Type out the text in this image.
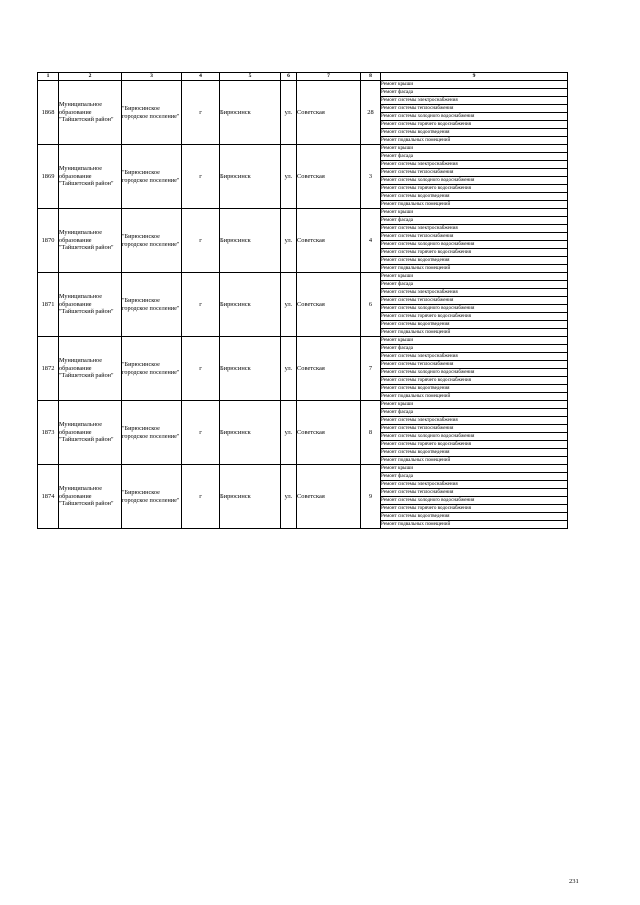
1	2	3	4	5	6	7	8	9
1868	Муниципальное образование "Тайшетский район"	"Бирюсинское городское поселение"	г	Бирюсинск	ул.	Советская	28	Ремонт крыши
								Ремонт фасада
								Ремонт системы электроснабжения
								Ремонт системы теплоснабжения
								Ремонт системы холодного водоснабжения
								Ремонт системы горячего водоснабжения
								Ремонт системы водоотведения
								Ремонт подвальных помещений
1869	Муниципальное образование "Тайшетский район"	"Бирюсинское городское поселение"	г	Бирюсинск	ул.	Советская	3	Ремонт крыши
								Ремонт фасада
								Ремонт системы электроснабжения
								Ремонт системы теплоснабжения
								Ремонт системы холодного водоснабжения
								Ремонт системы горячего водоснабжения
								Ремонт системы водоотведения
								Ремонт подвальных помещений
1870	Муниципальное образование "Тайшетский район"	"Бирюсинское городское поселение"	г	Бирюсинск	ул.	Советская	4	Ремонт крыши
								Ремонт фасада
								Ремонт системы электроснабжения
								Ремонт системы теплоснабжения
								Ремонт системы холодного водоснабжения
								Ремонт системы горячего водоснабжения
								Ремонт системы водоотведения
								Ремонт подвальных помещений
1871	Муниципальное образование "Тайшетский район"	"Бирюсинское городское поселение"	г	Бирюсинск	ул.	Советская	6	Ремонт крыши
								Ремонт фасада
								Ремонт системы электроснабжения
								Ремонт системы теплоснабжения
								Ремонт системы холодного водоснабжения
								Ремонт системы горячего водоснабжения
								Ремонт системы водоотведения
								Ремонт подвальных помещений
1872	Муниципальное образование "Тайшетский район"	"Бирюсинское городское поселение"	г	Бирюсинск	ул.	Советская	7	Ремонт крыши
								Ремонт фасада
								Ремонт системы электроснабжения
								Ремонт системы теплоснабжения
								Ремонт системы холодного водоснабжения
								Ремонт системы горячего водоснабжения
								Ремонт системы водоотведения
								Ремонт подвальных помещений
1873	Муниципальное образование "Тайшетский район"	"Бирюсинское городское поселение"	г	Бирюсинск	ул.	Советская	8	Ремонт крыши
								Ремонт фасада
								Ремонт системы электроснабжения
								Ремонт системы теплоснабжения
								Ремонт системы холодного водоснабжения
								Ремонт системы горячего водоснабжения
								Ремонт системы водоотведения
								Ремонт подвальных помещений
1874	Муниципальное образование "Тайшетский район"	"Бирюсинское городское поселение"	г	Бирюсинск	ул.	Советская	9	Ремонт крыши
								Ремонт фасада
								Ремонт системы электроснабжения
								Ремонт системы теплоснабжения
								Ремонт системы холодного водоснабжения
								Ремонт системы горячего водоснабжения
								Ремонт системы водоотведения
								Ремонт подвальных помещений
231
